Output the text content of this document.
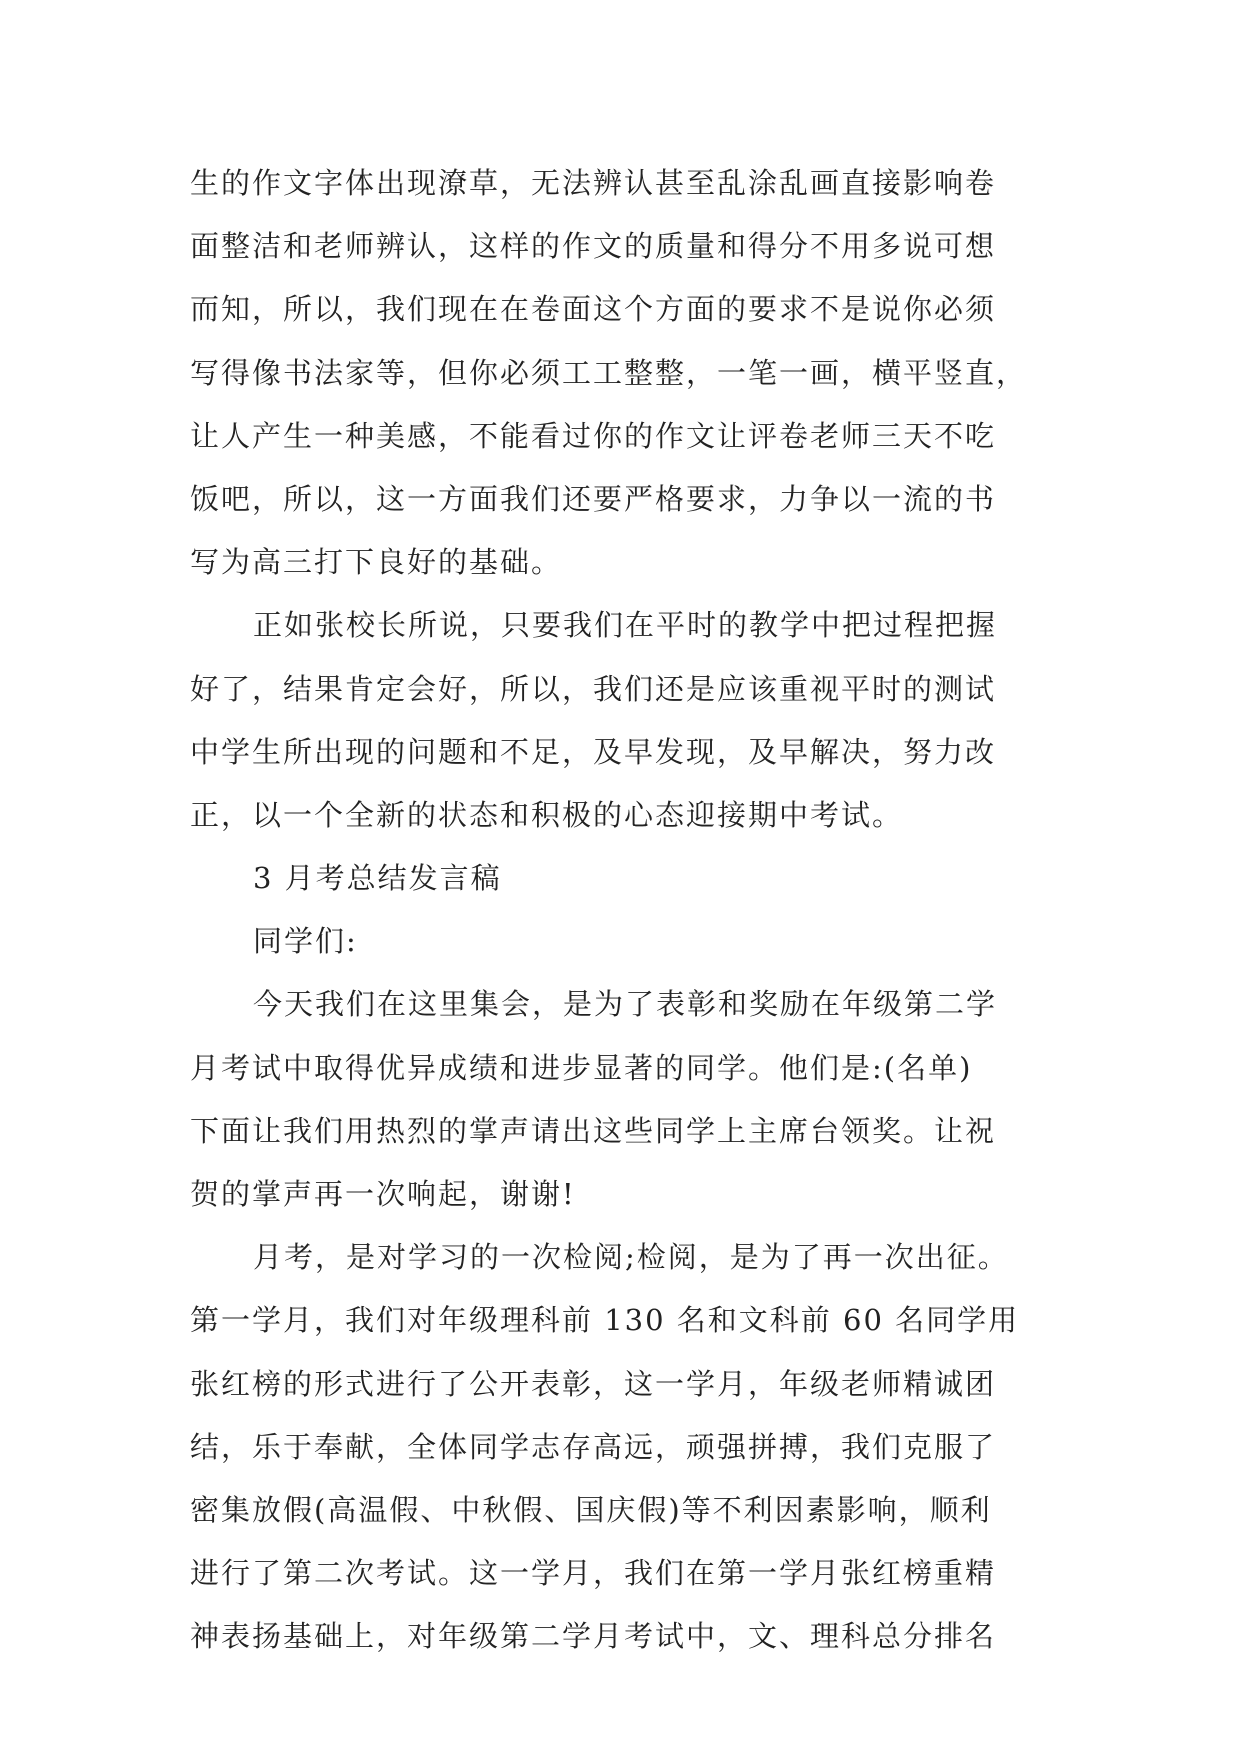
生的作文字体出现潦草，无法辨认甚至乱涂乱画直接影响卷
面整洁和老师辨认，这样的作文的质量和得分不用多说可想
而知，所以，我们现在在卷面这个方面的要求不是说你必须
写得像书法家等，但你必须工工整整，一笔一画，横平竖直，
让人产生一种美感，不能看过你的作文让评卷老师三天不吃
饭吧，所以，这一方面我们还要严格要求，力争以一流的书
写为高三打下良好的基础。
正如张校长所说，只要我们在平时的教学中把过程把握
好了，结果肯定会好，所以，我们还是应该重视平时的测试
中学生所出现的问题和不足，及早发现，及早解决，努力改
正，以一个全新的状态和积极的心态迎接期中考试。
3 月考总结发言稿
同学们:
今天我们在这里集会，是为了表彰和奖励在年级第二学
月考试中取得优异成绩和进步显著的同学。他们是:(名单)
下面让我们用热烈的掌声请出这些同学上主席台领奖。让祝
贺的掌声再一次响起，谢谢!
月考，是对学习的一次检阅;检阅，是为了再一次出征。
第一学月，我们对年级理科前 130 名和文科前 60 名同学用
张红榜的形式进行了公开表彰，这一学月，年级老师精诚团
结，乐于奉献，全体同学志存高远，顽强拼搏，我们克服了
密集放假(高温假、中秋假、国庆假)等不利因素影响，顺利
进行了第二次考试。这一学月，我们在第一学月张红榜重精
神表扬基础上，对年级第二学月考试中，文、理科总分排名
